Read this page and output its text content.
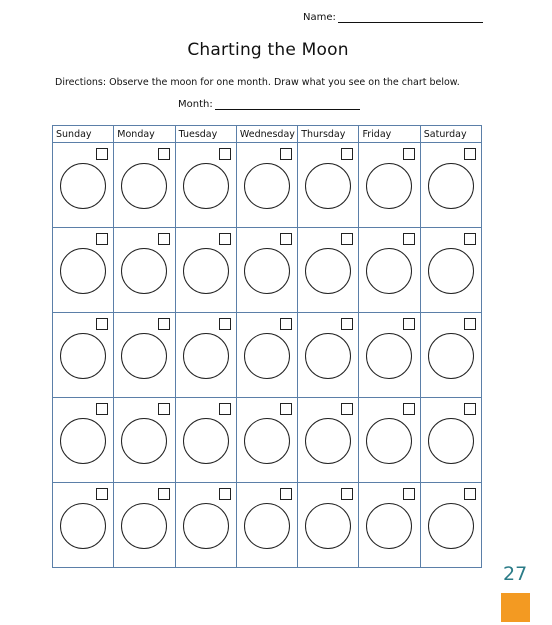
Name:
Charting the Moon
Directions: Observe the moon for one month. Draw what you see on the chart below.
Month:
Sunday	Monday	Tuesday	Wednesday	Thursday	Friday	Saturday

27
